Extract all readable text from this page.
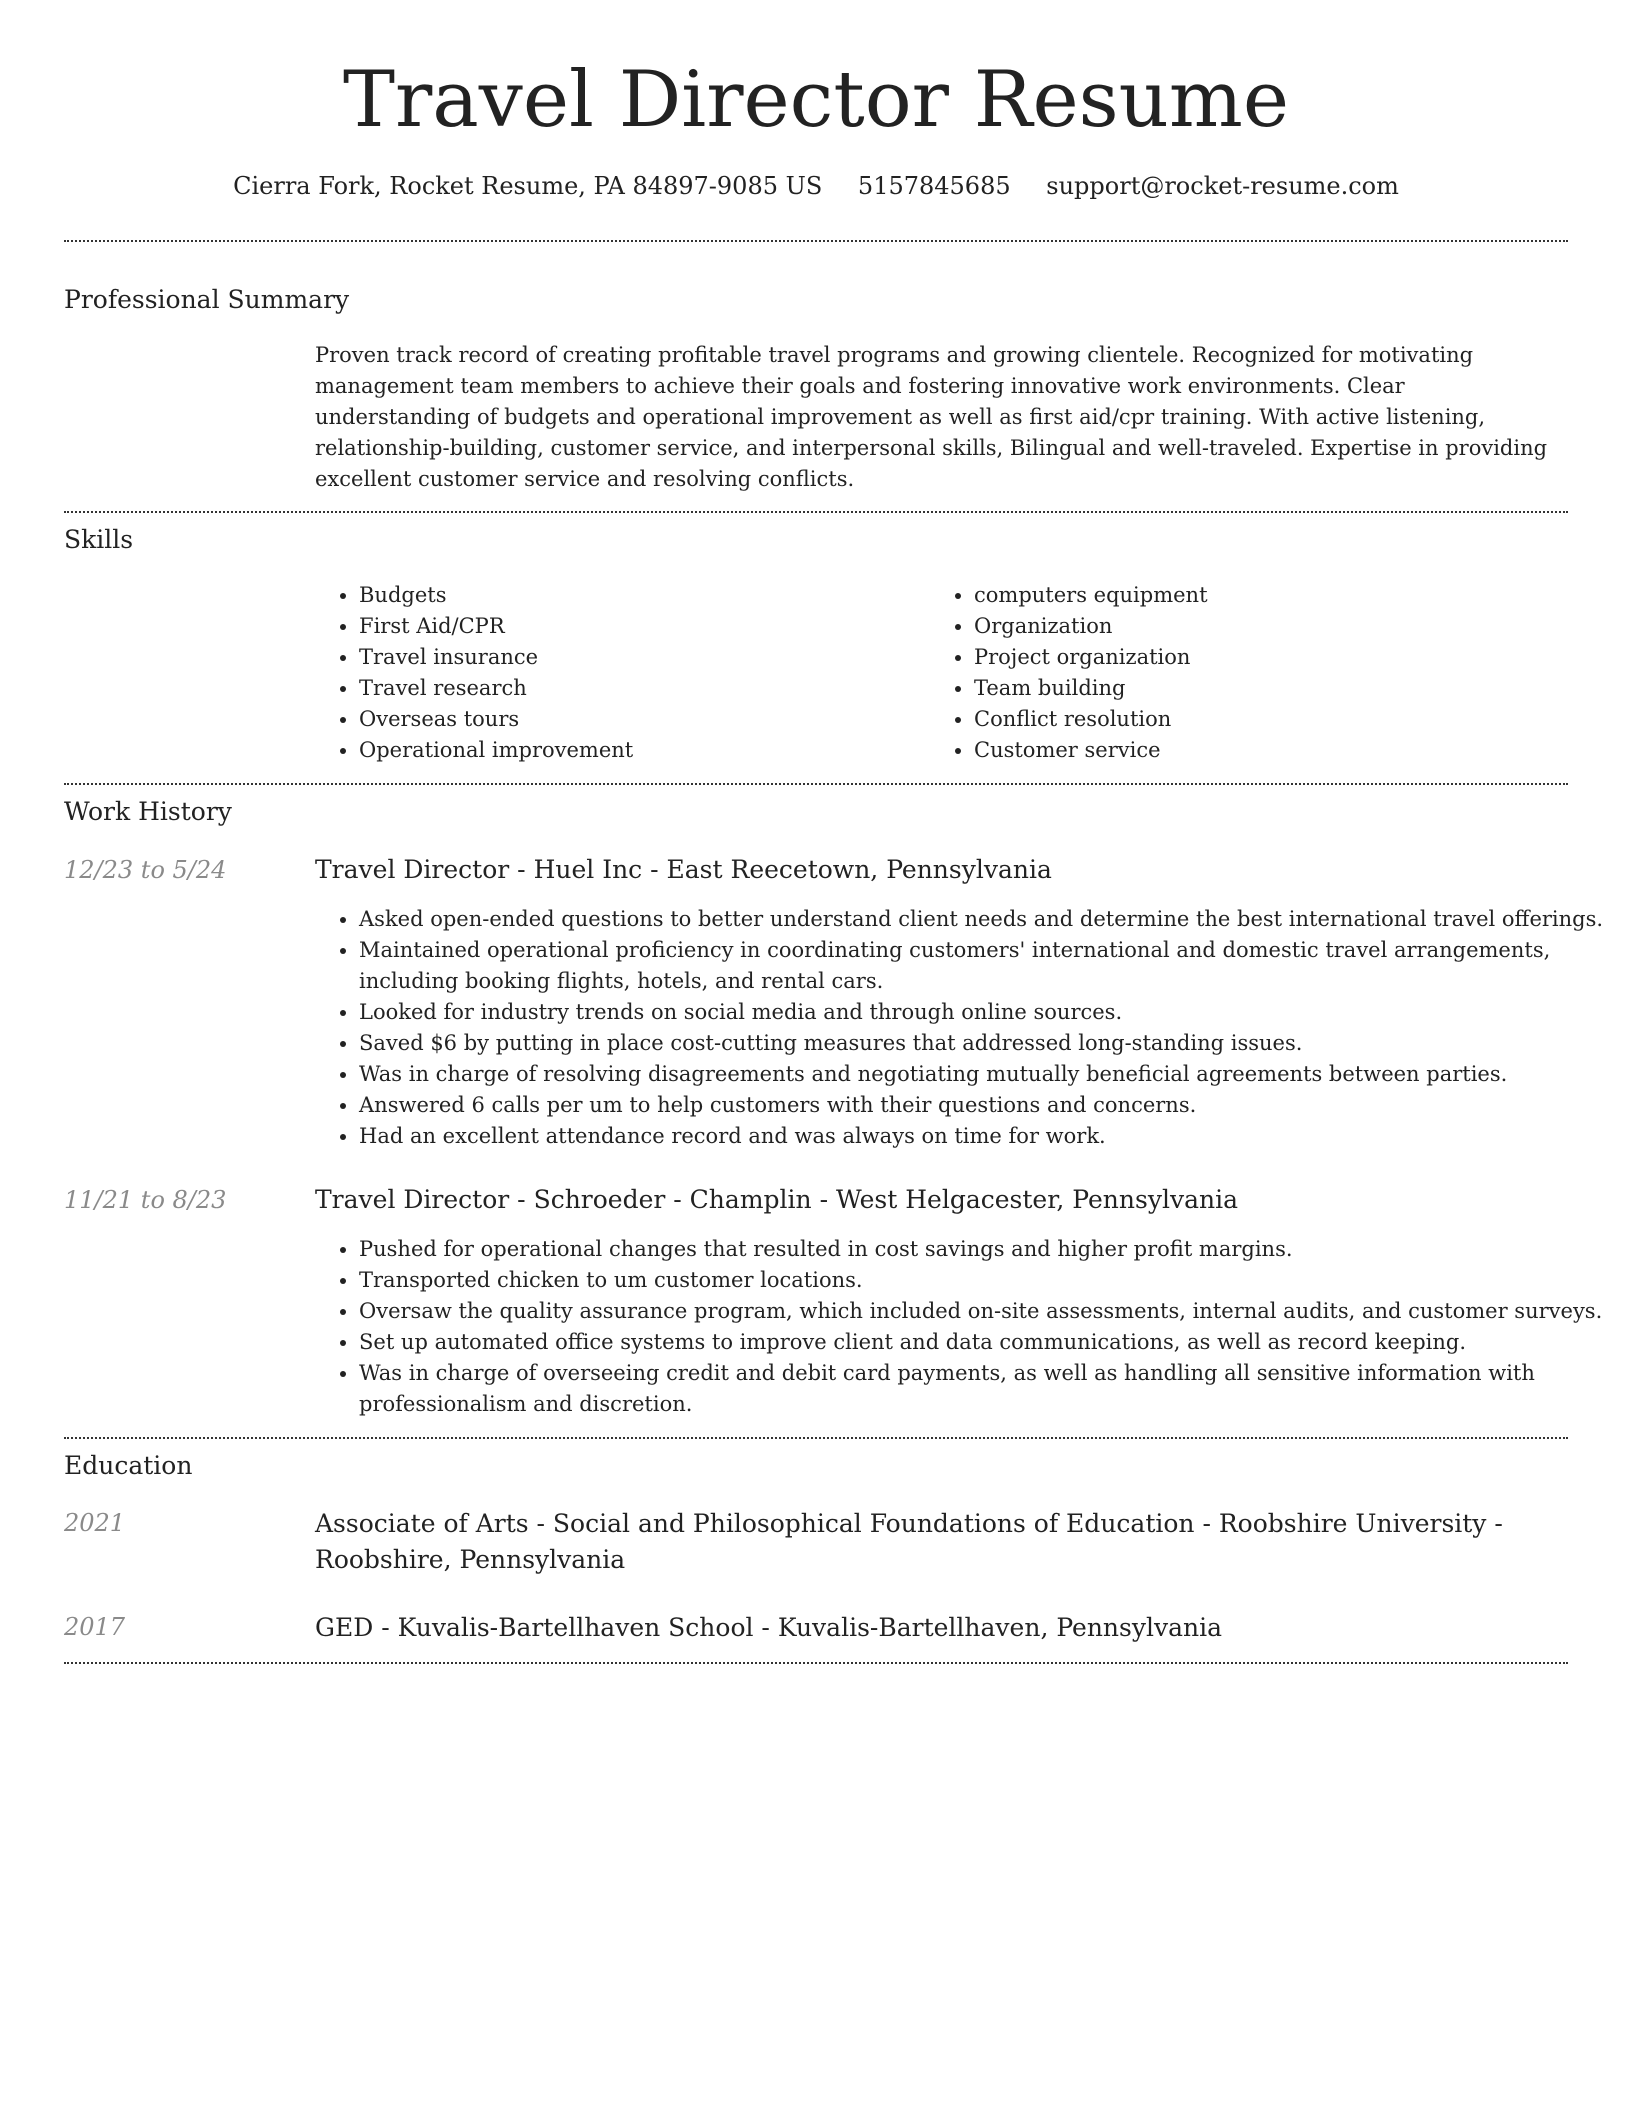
Travel Director Resume
Cierra Fork, Rocket Resume, PA 84897-9085 US 5157845685 support@rocket-resume.com
Professional Summary

Proven track record of creating profitable travel programs and growing clientele. Recognized for motivating management team members to achieve their goals and fostering innovative work environments. Clear understanding of budgets and operational improvement as well as first aid/cpr training. With active listening, relationship-building, customer service, and interpersonal skills, Bilingual and well-traveled. Expertise in providing excellent customer service and resolving conflicts.

Skills
• Budgets
• First Aid/CPR
• Travel insurance
• Travel research
• Overseas tours
• Operational improvement
• computers equipment
• Organization
• Project organization
• Team building
• Conflict resolution
• Customer service
Work History
12/23 to 5/24	Travel Director - Huel Inc - East Reecetown, Pennsylvania
• Asked open-ended questions to better understand client needs and determine the best international travel offerings.
• Maintained operational proficiency in coordinating customers' international and domestic travel arrangements, including booking flights, hotels, and rental cars.
• Looked for industry trends on social media and through online sources.
• Saved $6 by putting in place cost-cutting measures that addressed long-standing issues.
• Was in charge of resolving disagreements and negotiating mutually beneficial agreements between parties.
• Answered 6 calls per um to help customers with their questions and concerns.
• Had an excellent attendance record and was always on time for work.
11/21 to 8/23	Travel Director - Schroeder - Champlin - West Helgacester, Pennsylvania
• Pushed for operational changes that resulted in cost savings and higher profit margins.
• Transported chicken to um customer locations.
• Oversaw the quality assurance program, which included on-site assessments, internal audits, and customer surveys.
• Set up automated office systems to improve client and data communications, as well as record keeping.
• Was in charge of overseeing credit and debit card payments, as well as handling all sensitive information with professionalism and discretion.
Education
2021	Associate of Arts - Social and Philosophical Foundations of Education - Roobshire University - Roobshire, Pennsylvania
2017	GED - Kuvalis-Bartellhaven School - Kuvalis-Bartellhaven, Pennsylvania
